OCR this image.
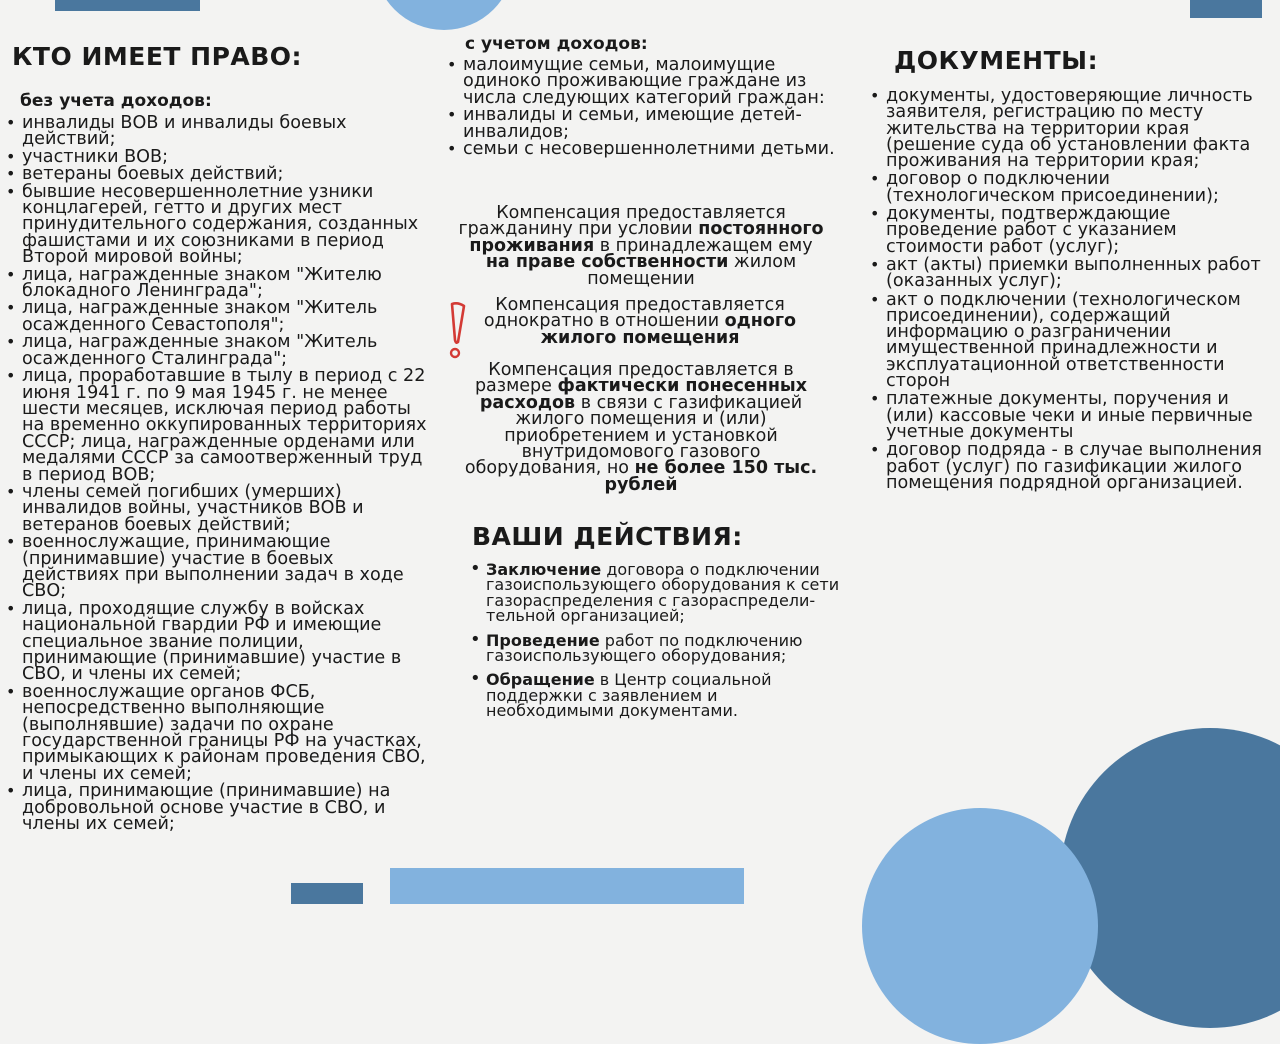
КТО ИМЕЕТ ПРАВО:
без учета доходов:
• инвалиды ВОВ и инвалиды боевых действий;
• участники ВОВ;
• ветераны боевых действий;
• бывшие несовершеннолетние узники концлагерей, гетто и других мест принудительного содержания, созданных фашистами и их союзниками в период Второй мировой войны;
• лица, награжденные знаком "Жителю блокадного Ленинграда";
• лица, награжденные знаком "Житель осажденного Севастополя";
• лица, награжденные знаком "Житель осажденного Сталинграда";
• лица, проработавшие в тылу в период с 22 июня 1941 г. по 9 мая 1945 г. не менее шести месяцев, исключая период работы на временно оккупированных территориях СССР; лица, награжденные орденами или медалями СССР за самоотверженный труд в период ВОВ;
• члены семей погибших (умерших) инвалидов войны, участников ВОВ и ветеранов боевых действий;
• военнослужащие, принимающие (принимавшие) участие в боевых действиях при выполнении задач в ходе СВО;
• лица, проходящие службу в войсках национальной гвардии РФ и имеющие специальное звание полиции, принимающие (принимавшие) участие в СВО, и члены их семей;
• военнослужащие органов ФСБ, непосредственно выполняющие (выполнявшие) задачи по охране государственной границы РФ на участках, примыкающих к районам проведения СВО, и члены их семей;
• лица, принимающие (принимавшие) на добровольной основе участие в СВО, и члены их семей;
с учетом доходов:
• малоимущие семьи, малоимущие одиноко проживающие граждане из числа следующих категорий граждан:
• инвалиды и семьи, имеющие детей-инвалидов;
• семьи с несовершеннолетними детьми.
Компенсация предоставляется гражданину при условии постоянного проживания в принадлежащем ему на праве собственности жилом помещении
Компенсация предоставляется однократно в отношении одного жилого помещения
Компенсация предоставляется в размере фактически понесенных расходов в связи с газификацией жилого помещения и (или) приобретением и установкой внутридомового газового оборудования, но не более 150 тыс. рублей
ВАШИ ДЕЙСТВИЯ:
• Заключение договора о подключении газоиспользующего оборудования к сети газораспределения с газораспредели- тельной организацией;
• Проведение работ по подключению газоиспользующего оборудования;
• Обращение в Центр социальной поддержки с заявлением и необходимыми документами.
ДОКУМЕНТЫ:
• документы, удостоверяющие личность заявителя, регистрацию по месту жительства на территории края (решение суда об установлении факта проживания на территории края;
• договор о подключении (технологическом присоединении);
• документы, подтверждающие проведение работ с указанием стоимости работ (услуг);
• акт (акты) приемки выполненных работ (оказанных услуг);
• акт о подключении (технологическом присоединении), содержащий информацию о разграничении имущественной принадлежности и эксплуатационной ответственности сторон
• платежные документы, поручения и (или) кассовые чеки и иные первичные учетные документы
• договор подряда - в случае выполнения работ (услуг) по газификации жилого помещения подрядной организацией.
